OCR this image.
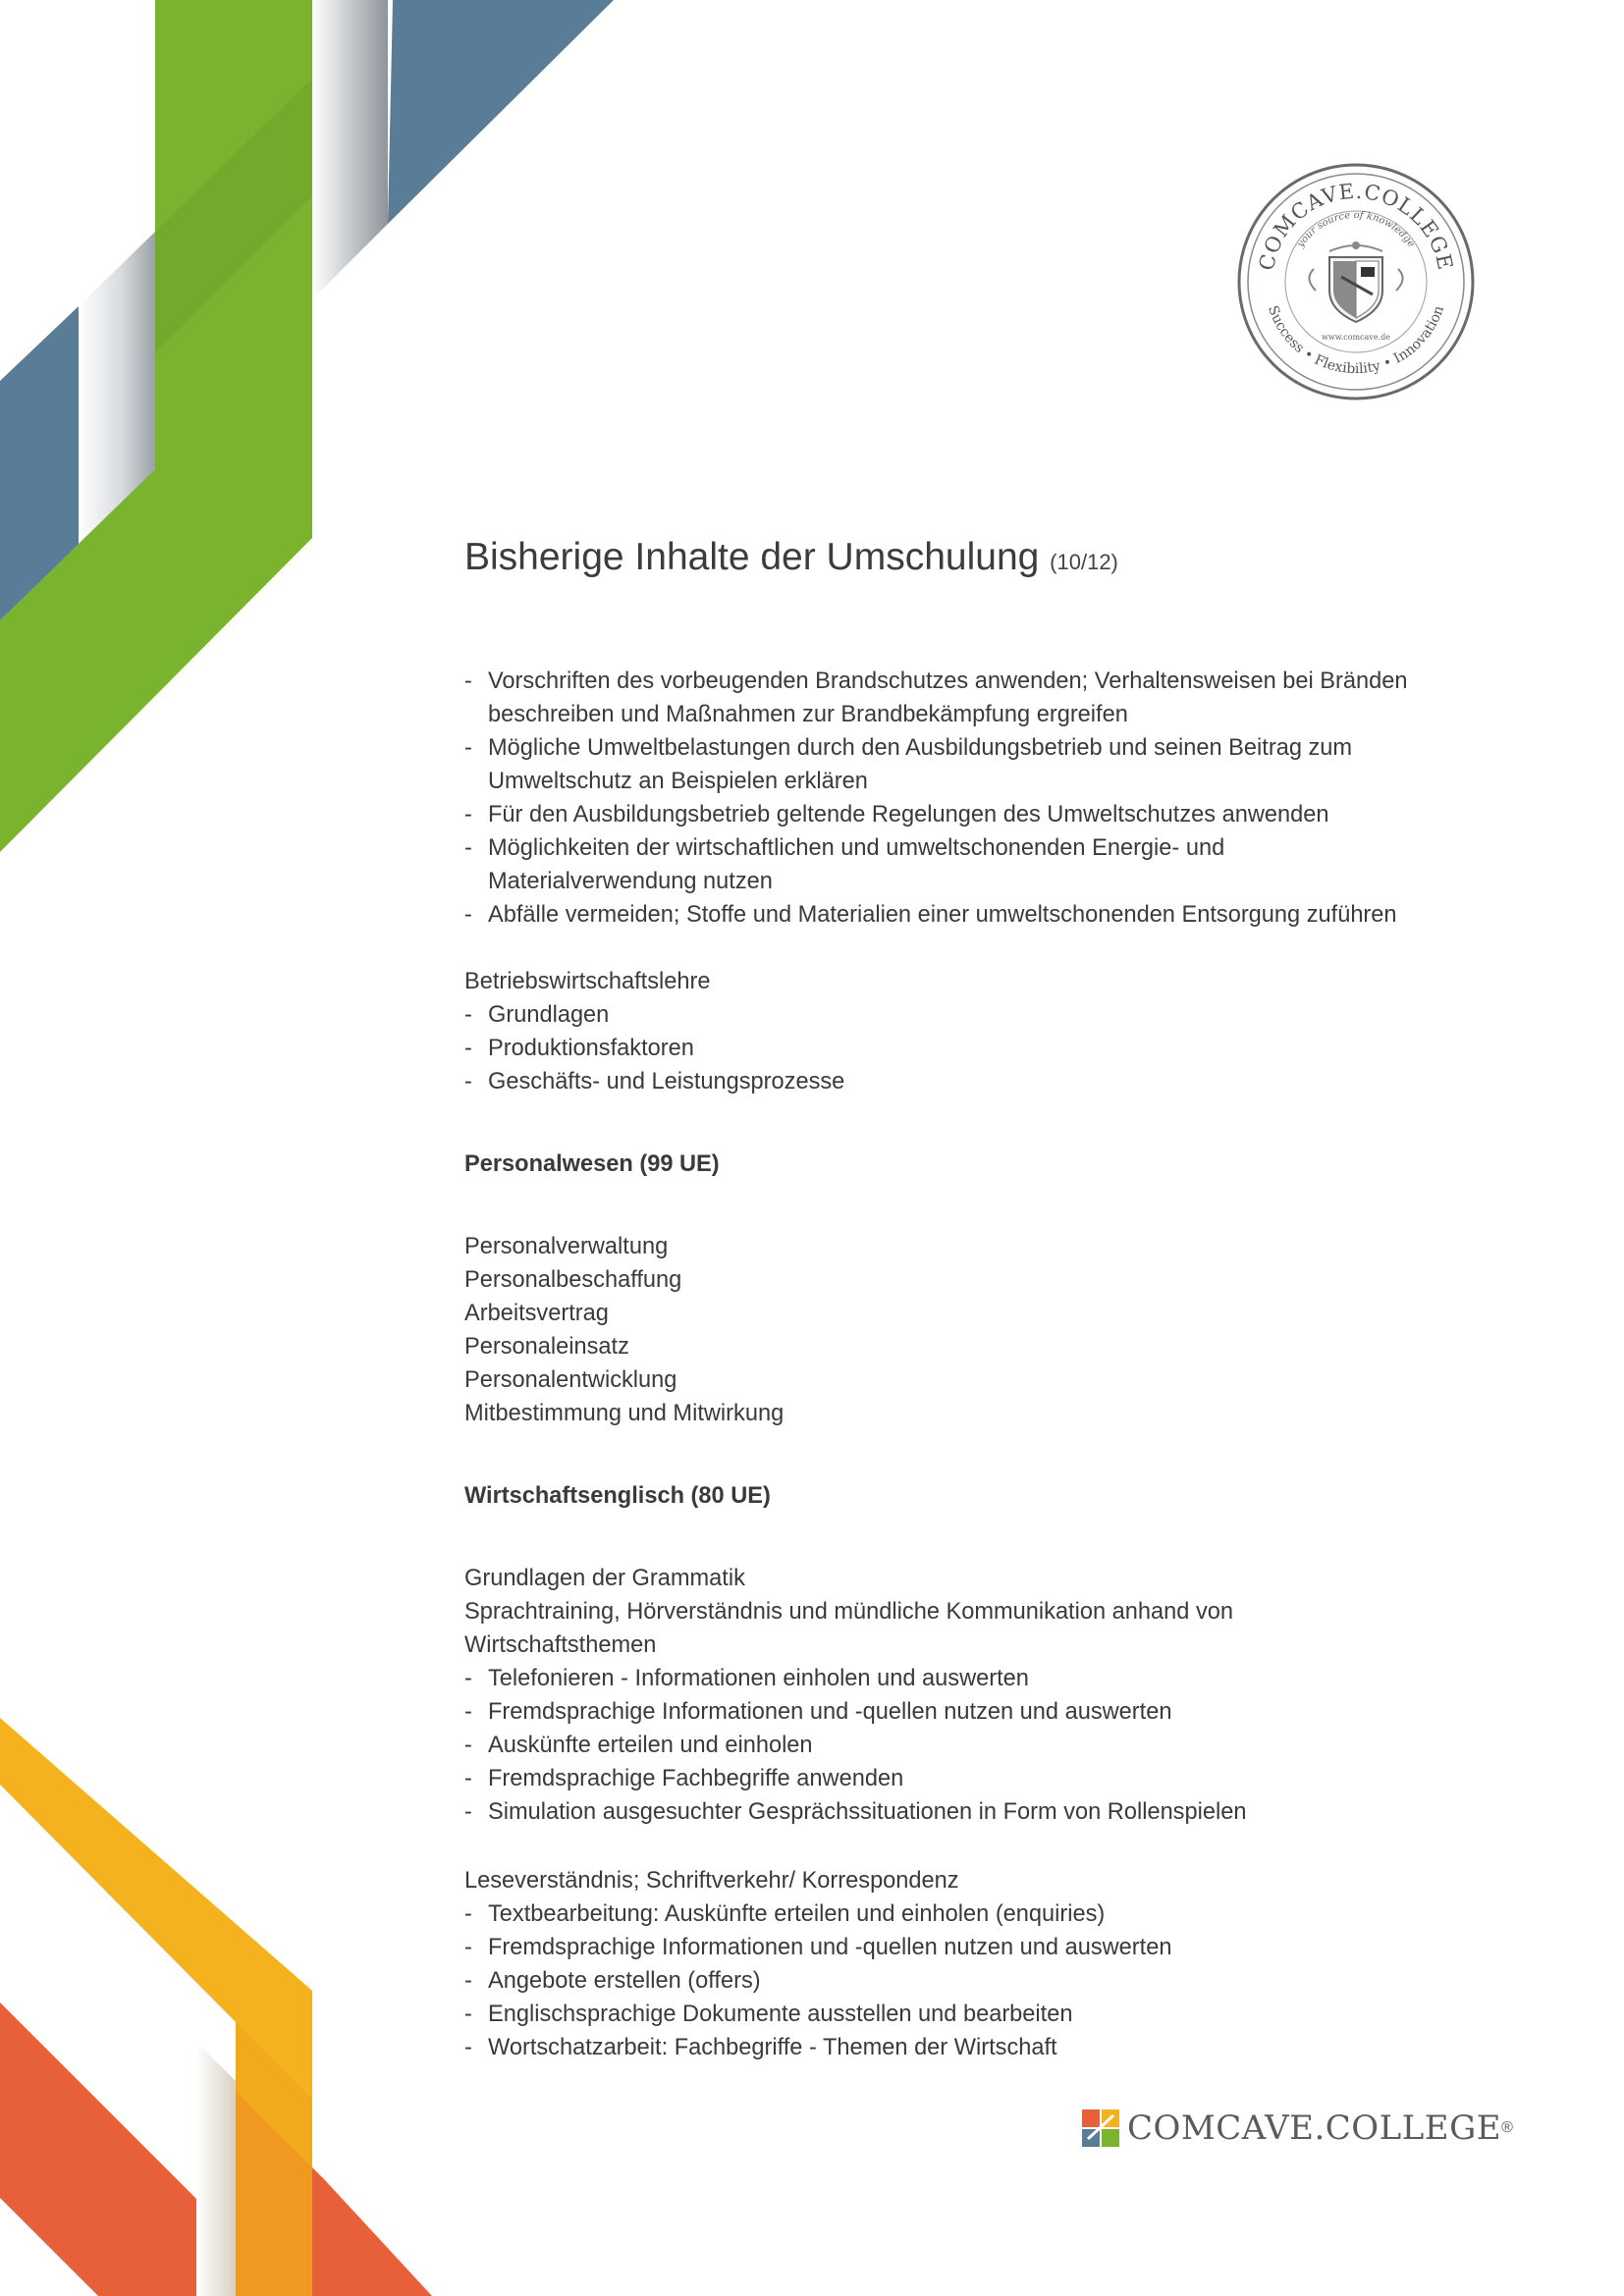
COMCAVE.COLLEGE
your source of knowledge
Success • Flexibility • Innovation
www.comcave.de
Bisherige Inhalte der Umschulung (10/12)
- Vorschriften des vorbeugenden Brandschutzes anwenden; Verhaltensweisen bei Bränden
beschreiben und Maßnahmen zur Brandbekämpfung ergreifen
- Mögliche Umweltbelastungen durch den Ausbildungsbetrieb und seinen Beitrag zum
Umweltschutz an Beispielen erklären
- Für den Ausbildungsbetrieb geltende Regelungen des Umweltschutzes anwenden
- Möglichkeiten der wirtschaftlichen und umweltschonenden Energie- und
Materialverwendung nutzen
- Abfälle vermeiden; Stoffe und Materialien einer umweltschonenden Entsorgung zuführen

Betriebswirtschaftslehre

- Grundlagen
- Produktionsfaktoren
- Geschäfts- und Leistungsprozesse

Personalwesen (99 UE)

Personalverwaltung
Personalbeschaffung
Arbeitsvertrag
Personaleinsatz
Personalentwicklung
Mitbestimmung und Mitwirkung

Wirtschaftsenglisch (80 UE)

Grundlagen der Grammatik
Sprachtraining, Hörverständnis und mündliche Kommunikation anhand von
Wirtschaftsthemen
- Telefonieren - Informationen einholen und auswerten
- Fremdsprachige Informationen und -quellen nutzen und auswerten
- Auskünfte erteilen und einholen
- Fremdsprachige Fachbegriffe anwenden
- Simulation ausgesuchter Gesprächssituationen in Form von Rollenspielen

Leseverständnis; Schriftverkehr/ Korrespondenz

- Textbearbeitung: Auskünfte erteilen und einholen (enquiries)
- Fremdsprachige Informationen und -quellen nutzen und auswerten
- Angebote erstellen (offers)
- Englischsprachige Dokumente ausstellen und bearbeiten
- Wortschatzarbeit: Fachbegriffe - Themen der Wirtschaft
COMCAVE.COLLEGE ®
